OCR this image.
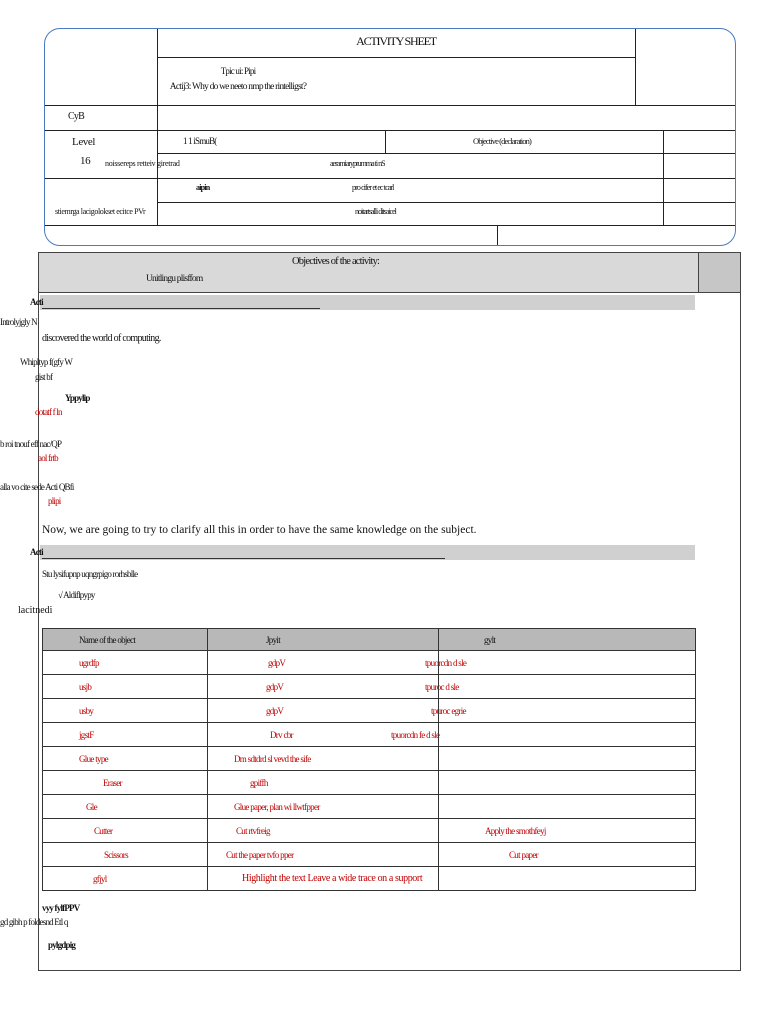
ACTIVITY SHEET
Tpic ui: Pipi
Actij3: Why do we neeto nmp the rintelligst?
CyB
Level
16
1 1 iSmuB(	Objective (declaration)
noissereps retteiv giretrad	aeramiaryprumma ti nS
aipin	pro cifer et ec tcarl
stiemrga lacigolokset ecitce PVr	noitartsalli ditsaicel
Objectives of the activity:
Unitlingu plisffom
Acti
Introlyjgly N
discovered the world of computing.
Whipltyp f(gfy W
gist bf
Yppylip
dotatf f ln
b roi tnouf eff nac/QP
aol frtb
alla vo cite sede Acti QBfi
plipi
Now, we are going to try to clarify all this in order to have the same knowledge on the subject.
Acti
Stu lysifupnp uqngrpigo rorhsblle
√ Aldiflpypy
lacitnedi
Name of the object	Jpyit	gylt
ugrdfp	gdpV	tpuorcdn d sle
usjb	gdpV	tpuroc d sle
usby	gdpV	tpuroc egrie
jgstF	Drv cbr	tpuorcdn fe d sle
Glue type	Dm sdtdrd sl vevd the sife	
Eraser	gpiffh	
Gle	Glue paper, plan wi llwtfpper	
Cutter	Cut rtvfreig	Apply the smothfeyj
Scissors	Cut the paper tvfo pper	Cut paper
gfjyl	Highlight the text Leave a wide trace on a support	
vyy fylfPPV
gd gibh p foldesnd Etl q
pylgdpig
